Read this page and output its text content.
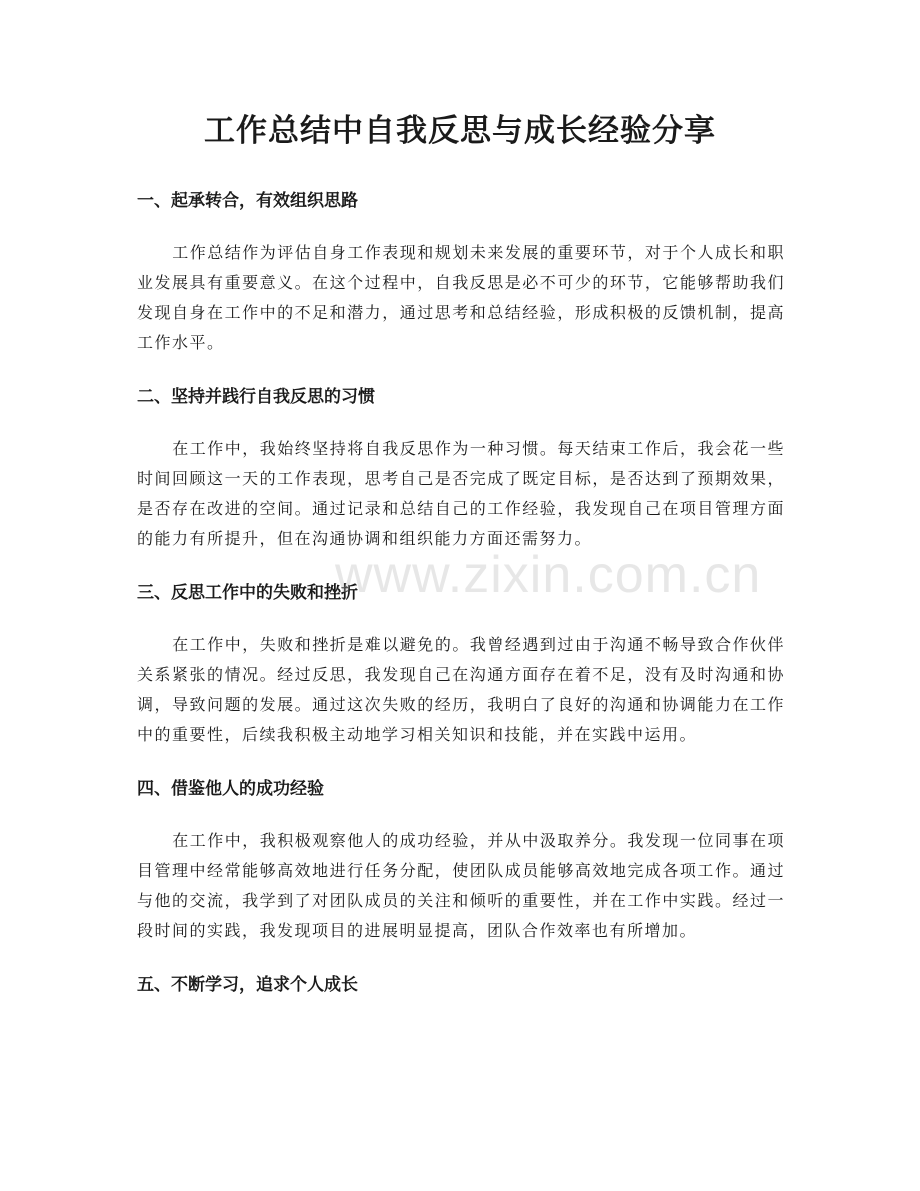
工作总结中自我反思与成长经验分享
一、起承转合，有效组织思路

工作总结作为评估自身工作表现和规划未来发展的重要环节，对于个人成长和职业发展具有重要意义。在这个过程中，自我反思是必不可少的环节，它能够帮助我们发现自身在工作中的不足和潜力，通过思考和总结经验，形成积极的反馈机制，提高工作水平。

二、坚持并践行自我反思的习惯

在工作中，我始终坚持将自我反思作为一种习惯。每天结束工作后，我会花一些时间回顾这一天的工作表现，思考自己是否完成了既定目标，是否达到了预期效果，是否存在改进的空间。通过记录和总结自己的工作经验，我发现自己在项目管理方面的能力有所提升，但在沟通协调和组织能力方面还需努力。

三、反思工作中的失败和挫折

在工作中，失败和挫折是难以避免的。我曾经遇到过由于沟通不畅导致合作伙伴关系紧张的情况。经过反思，我发现自己在沟通方面存在着不足，没有及时沟通和协调，导致问题的发展。通过这次失败的经历，我明白了良好的沟通和协调能力在工作中的重要性，后续我积极主动地学习相关知识和技能，并在实践中运用。

四、借鉴他人的成功经验

在工作中，我积极观察他人的成功经验，并从中汲取养分。我发现一位同事在项目管理中经常能够高效地进行任务分配，使团队成员能够高效地完成各项工作。通过与他的交流，我学到了对团队成员的关注和倾听的重要性，并在工作中实践。经过一段时间的实践，我发现项目的进展明显提高，团队合作效率也有所增加。

五、不断学习，追求个人成长
www.zixin.com.cn
